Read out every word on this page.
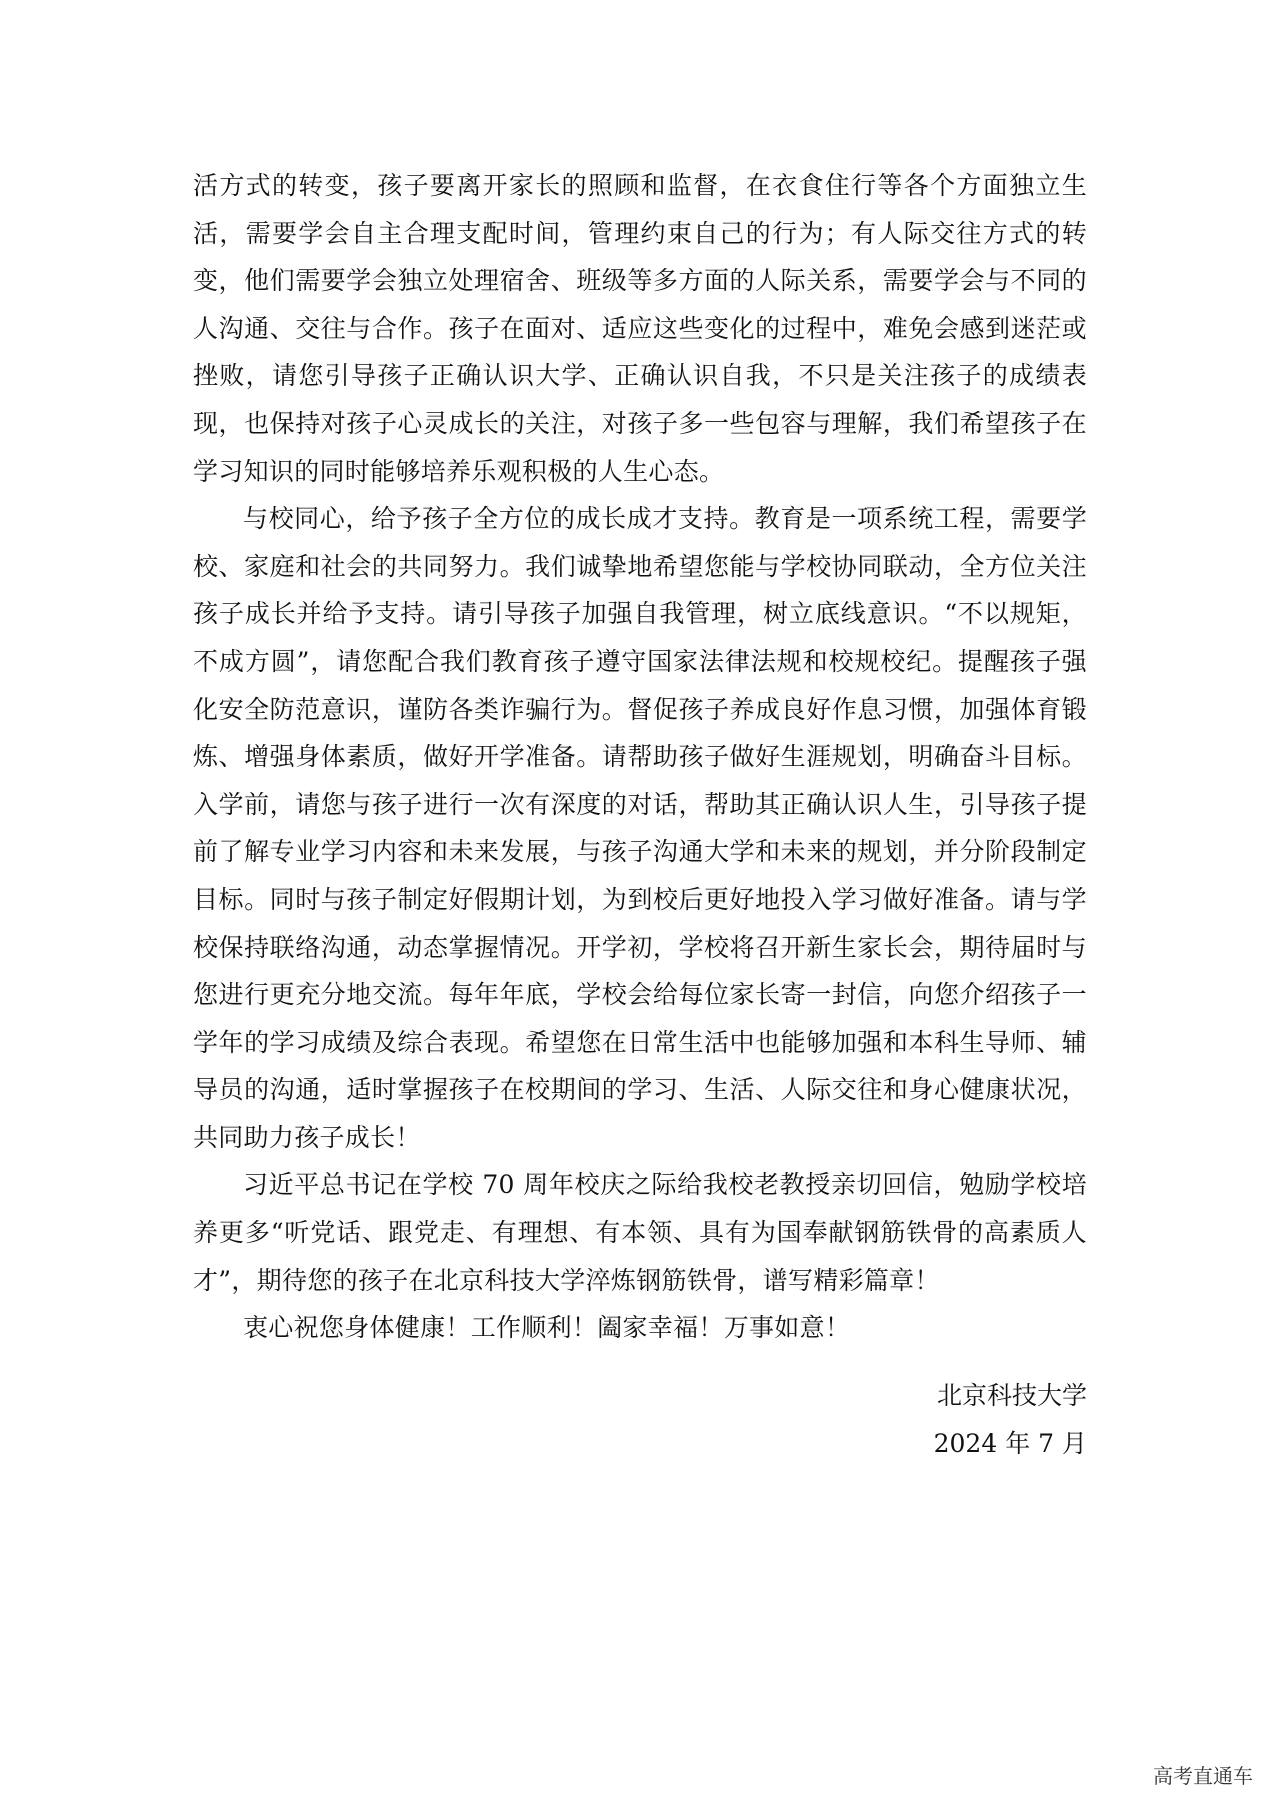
活方式的转变，孩子要离开家长的照顾和监督，在衣食住行等各个方面独立生活，需要学会自主合理支配时间，管理约束自己的行为；有人际交往方式的转变，他们需要学会独立处理宿舍、班级等多方面的人际关系，需要学会与不同的人沟通、交往与合作。孩子在面对、适应这些变化的过程中，难免会感到迷茫或挫败，请您引导孩子正确认识大学、正确认识自我，不只是关注孩子的成绩表现，也保持对孩子心灵成长的关注，对孩子多一些包容与理解，我们希望孩子在学习知识的同时能够培养乐观积极的人生心态。

与校同心，给予孩子全方位的成长成才支持。教育是一项系统工程，需要学校、家庭和社会的共同努力。我们诚挚地希望您能与学校协同联动，全方位关注孩子成长并给予支持。请引导孩子加强自我管理，树立底线意识。“不以规矩，不成方圆”，请您配合我们教育孩子遵守国家法律法规和校规校纪。提醒孩子强化安全防范意识，谨防各类诈骗行为。督促孩子养成良好作息习惯，加强体育锻炼、增强身体素质，做好开学准备。请帮助孩子做好生涯规划，明确奋斗目标。入学前，请您与孩子进行一次有深度的对话，帮助其正确认识人生，引导孩子提前了解专业学习内容和未来发展，与孩子沟通大学和未来的规划，并分阶段制定目标。同时与孩子制定好假期计划，为到校后更好地投入学习做好准备。请与学校保持联络沟通，动态掌握情况。开学初，学校将召开新生家长会，期待届时与您进行更充分地交流。每年年底，学校会给每位家长寄一封信，向您介绍孩子一学年的学习成绩及综合表现。希望您在日常生活中也能够加强和本科生导师、辅导员的沟通，适时掌握孩子在校期间的学习、生活、人际交往和身心健康状况，共同助力孩子成长！

习近平总书记在学校 70 周年校庆之际给我校老教授亲切回信，勉励学校培养更多“听党话、跟党走、有理想、有本领、具有为国奉献钢筋铁骨的高素质人才”，期待您的孩子在北京科技大学淬炼钢筋铁骨，谱写精彩篇章！

衷心祝您身体健康！工作顺利！阖家幸福！万事如意！

北京科技大学
2024 年 7 月
高考直通车
